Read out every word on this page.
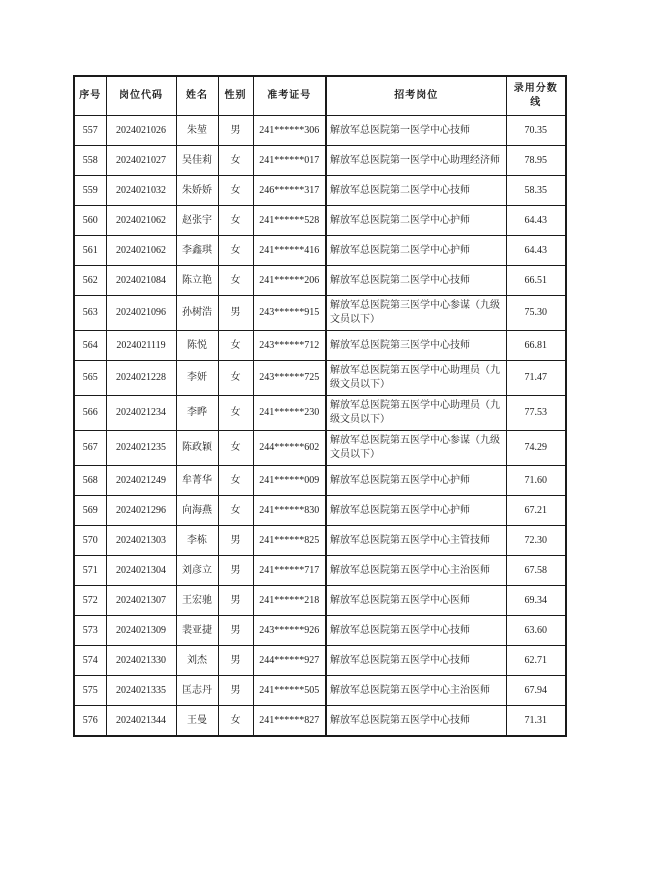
序号	岗位代码	姓名	性别	准考证号	招考岗位	录用分数线
557	2024021026	朱堃	男	241******306	解放军总医院第一医学中心技师	70.35
558	2024021027	吴佳莉	女	241******017	解放军总医院第一医学中心助理经济师	78.95
559	2024021032	朱娇娇	女	246******317	解放军总医院第二医学中心技师	58.35
560	2024021062	赵张宇	女	241******528	解放军总医院第二医学中心护师	64.43
561	2024021062	李鑫琪	女	241******416	解放军总医院第二医学中心护师	64.43
562	2024021084	陈立艳	女	241******206	解放军总医院第二医学中心技师	66.51
563	2024021096	孙树浩	男	243******915	解放军总医院第三医学中心参谋（九级文员以下）	75.30
564	2024021119	陈悦	女	243******712	解放军总医院第三医学中心技师	66.81
565	2024021228	李妍	女	243******725	解放军总医院第五医学中心助理员（九级文员以下）	71.47
566	2024021234	李晔	女	241******230	解放军总医院第五医学中心助理员（九级文员以下）	77.53
567	2024021235	陈政颖	女	244******602	解放军总医院第五医学中心参谋（九级文员以下）	74.29
568	2024021249	牟菁华	女	241******009	解放军总医院第五医学中心护师	71.60
569	2024021296	向海燕	女	241******830	解放军总医院第五医学中心护师	67.21
570	2024021303	李栋	男	241******825	解放军总医院第五医学中心主管技师	72.30
571	2024021304	刘彦立	男	241******717	解放军总医院第五医学中心主治医师	67.58
572	2024021307	王宏驰	男	241******218	解放军总医院第五医学中心医师	69.34
573	2024021309	裴亚捷	男	243******926	解放军总医院第五医学中心技师	63.60
574	2024021330	刘杰	男	244******927	解放军总医院第五医学中心技师	62.71
575	2024021335	匡志丹	男	241******505	解放军总医院第五医学中心主治医师	67.94
576	2024021344	王曼	女	241******827	解放军总医院第五医学中心技师	71.31
